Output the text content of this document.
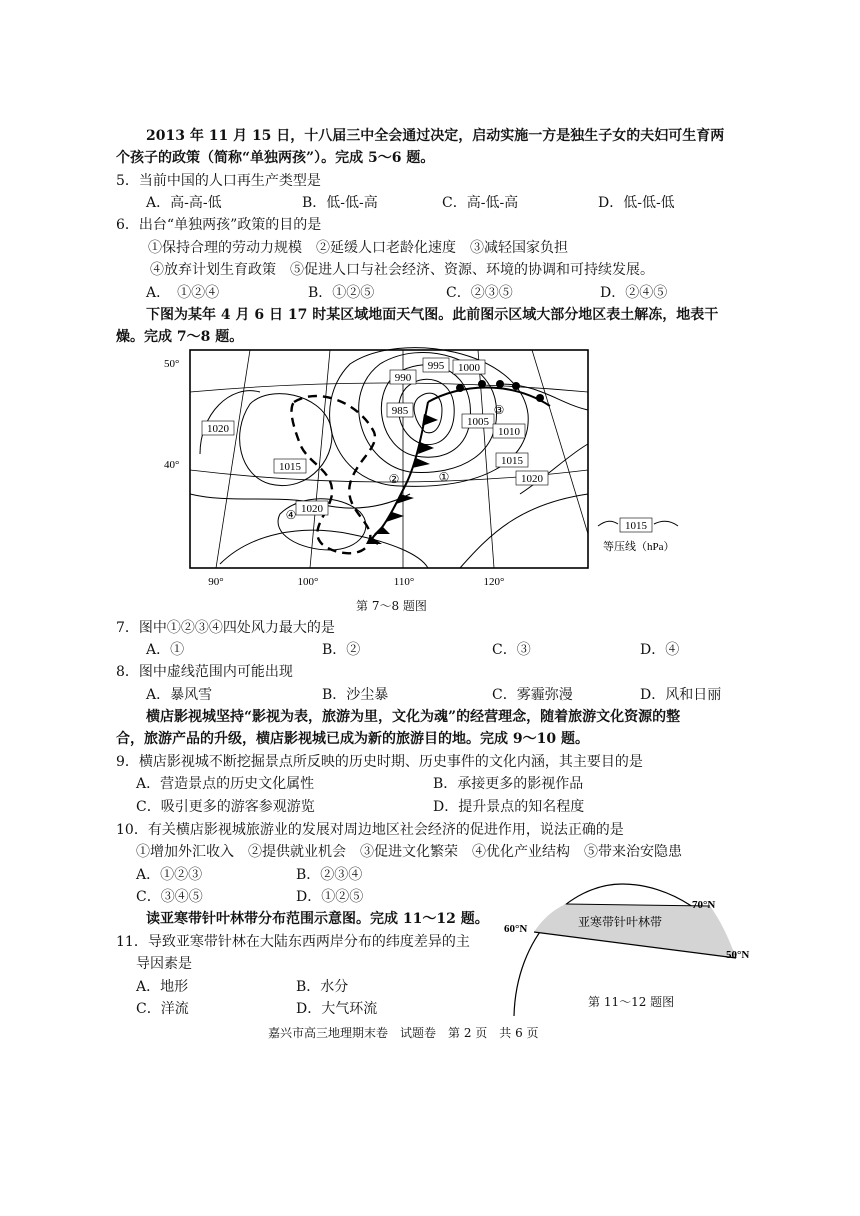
2013 年 11 月 15 日，十八届三中全会通过决定，启动实施一方是独生子女的夫妇可生育两
个孩子的政策（简称“单独两孩”）。完成 5～6 题。
5．当前中国的人口再生产类型是
A．高-高-低	B．低-低-高	C．高-低-高	D．低-低-低
6．出台“单独两孩”政策的目的是
①保持合理的劳动力规模　②延缓人口老龄化速度　③减轻国家负担
④放弃计划生育政策　⑤促进人口与社会经济、资源、环境的协调和可持续发展。
A．　①②④	B．①②⑤	C．②③⑤	D．②④⑤
下图为某年 4 月 6 日 17 时某区域地面天气图。此前图示区域大部分地区表土解冻，地表干
燥。完成 7～8 题。
995 1000
990
985
1005
1010
1015
1020
1020
1015
1020
①
②
③
④
50°
40°
90°	100°	110°	120°
1015
等压线（hPa）
第 7～8 题图
7．图中①②③④四处风力最大的是
A．①	B．②	C．③	D．④
8．图中虚线范围内可能出现
A．暴风雪	B．沙尘暴	C．雾霾弥漫	D．风和日丽
横店影视城坚持“影视为表，旅游为里，文化为魂”的经营理念，随着旅游文化资源的整
合，旅游产品的升级，横店影视城已成为新的旅游目的地。完成 9～10 题。
9．横店影视城不断挖掘景点所反映的历史时期、历史事件的文化内涵，其主要目的是
A．营造景点的历史文化属性	B．承接更多的影视作品
C．吸引更多的游客参观游览	D．提升景点的知名程度
10．有关横店影视城旅游业的发展对周边地区社会经济的促进作用，说法正确的是
①增加外汇收入　②提供就业机会　③促进文化繁荣　④优化产业结构　⑤带来治安隐患
A．①②③	B．②③④
C．③④⑤	D．①②⑤
读亚寒带针叶林带分布范围示意图。完成 11～12 题。
11．导致亚寒带针林在大陆东西两岸分布的纬度差异的主
导因素是
A．地形	B．水分
C．洋流	D．大气环流
亚寒带针叶林带
70°N
60°N
50°N
第 11～12 题图
嘉兴市高三地理期末卷　试题卷　第 2 页　共 6 页
